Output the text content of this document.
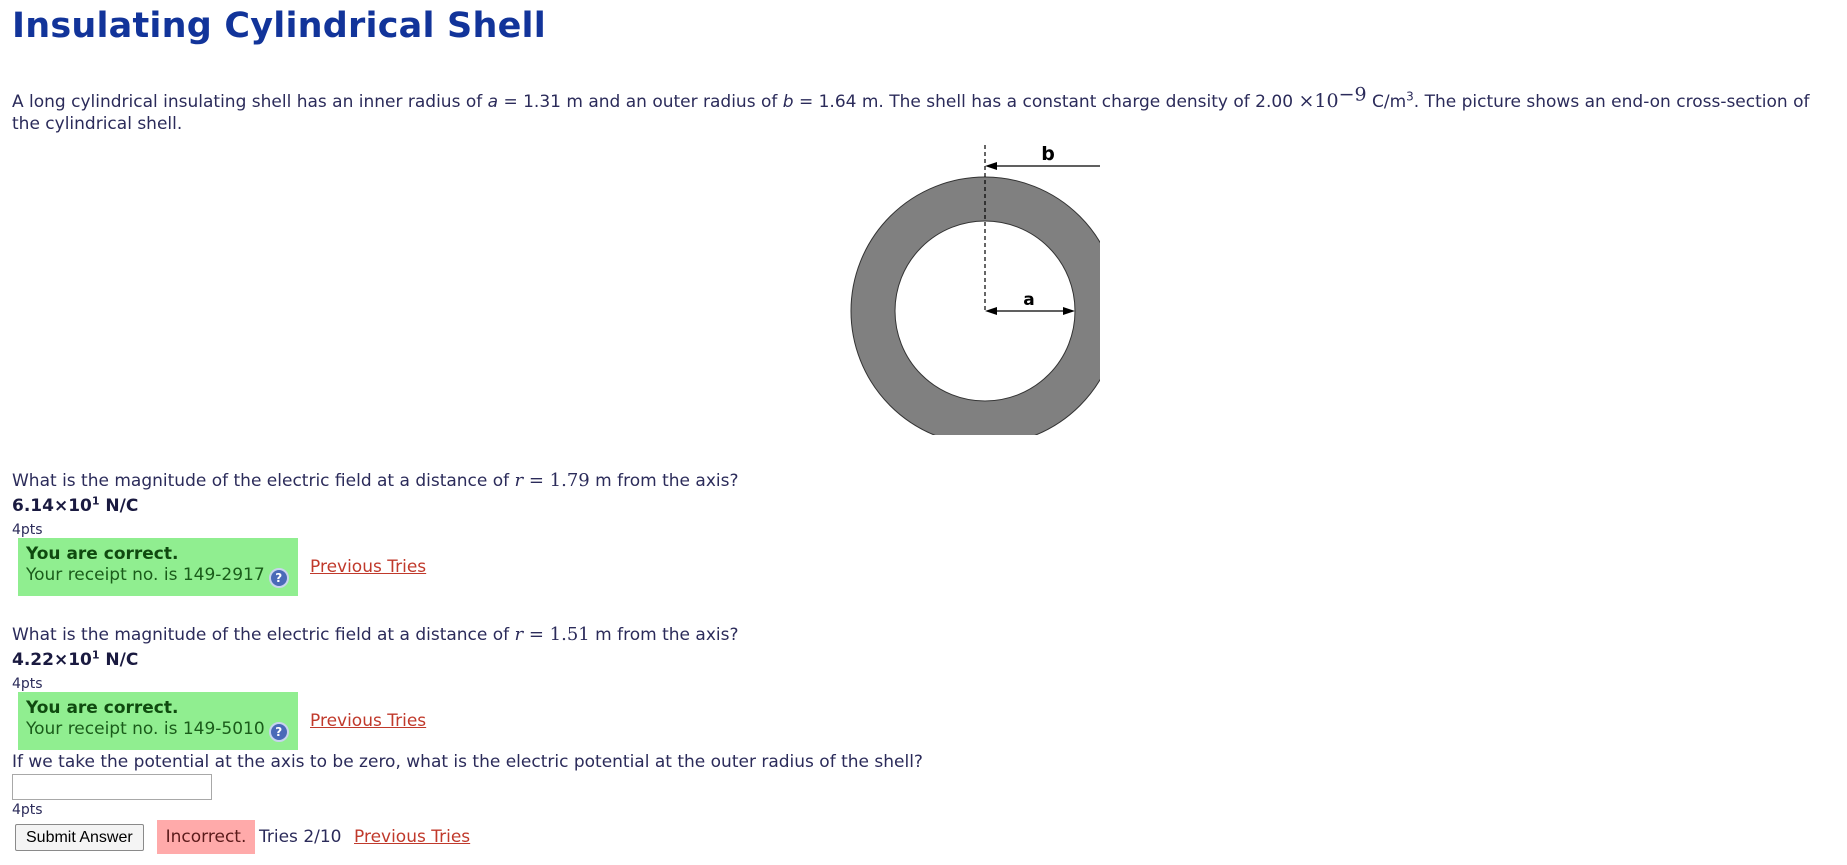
Insulating Cylindrical Shell
A long cylindrical insulating shell has an inner radius of a = 1.31 m and an outer radius of b = 1.64 m. The shell has a constant charge density of $2.00 \times 10^{-9}$ $C/m^3$. The picture shows an end-on cross-section of the cylindrical shell.
b
a
What is the magnitude of the electric field at a distance of r = 1.79 m from the axis?
$6.14\times 10^1$ N/C
4pts
You are correct.
Your receipt no. is 149-2917 ?
Previous Tries
What is the magnitude of the electric field at a distance of r = 1.51 m from the axis?
$4.22\times 10^1$ N/C
4pts
You are correct.
Your receipt no. is 149-5010 ?
Previous Tries
If we take the potential at the axis to be zero, what is the electric potential at the outer radius of the shell?
4pts
Submit Answer	Incorrect. Tries 2/10 Previous Tries
